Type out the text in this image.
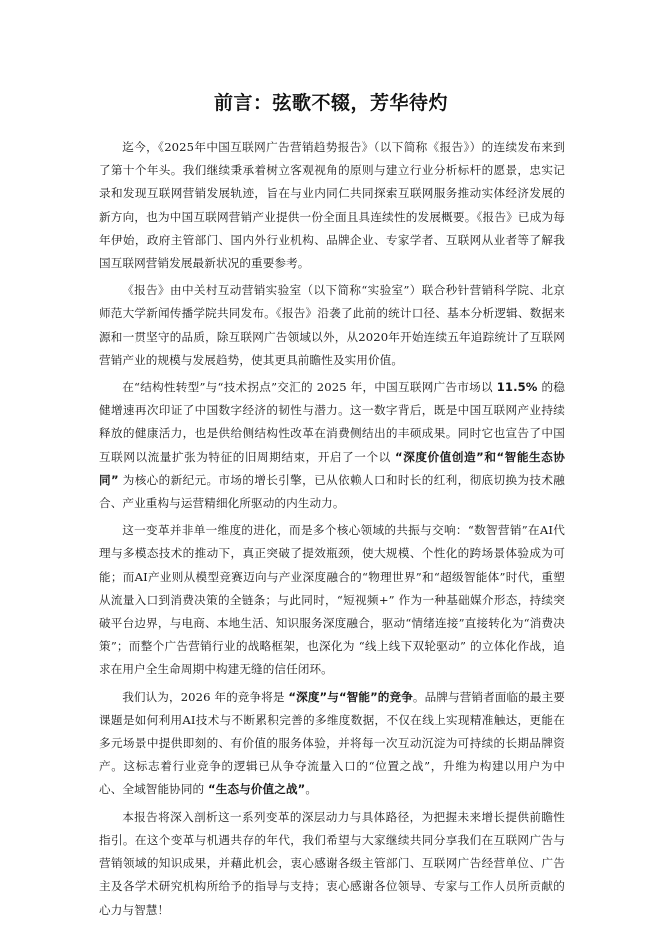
前言：弦歌不辍，芳华待灼

迄今，《2025年中国互联网广告营销趋势报告》（以下简称《报告》）的连续发布来到了第十个年头。我们继续秉承着树立客观视角的原则与建立行业分析标杆的愿景，忠实记录和发现互联网营销发展轨迹，旨在与业内同仁共同探索互联网服务推动实体经济发展的新方向，也为中国互联网营销产业提供一份全面且具连续性的发展概要。《报告》已成为每年伊始，政府主管部门、国内外行业机构、品牌企业、专家学者、互联网从业者等了解我国互联网营销发展最新状况的重要参考。

《报告》由中关村互动营销实验室（以下简称“实验室”）联合秒针营销科学院、北京师范大学新闻传播学院共同发布。《报告》沿袭了此前的统计口径、基本分析逻辑、数据来源和一贯坚守的品质，除互联网广告领域以外，从2020年开始连续五年追踪统计了互联网营销产业的规模与发展趋势，使其更具前瞻性及实用价值。

在“结构性转型”与“技术拐点”交汇的 2025 年，中国互联网广告市场以 11.5% 的稳健增速再次印证了中国数字经济的韧性与潜力。这一数字背后，既是中国互联网产业持续释放的健康活力，也是供给侧结构性改革在消费侧结出的丰硕成果。同时它也宣告了中国互联网以流量扩张为特征的旧周期结束，开启了一个以 “深度价值创造”和“智能生态协同” 为核心的新纪元。市场的增长引擎，已从依赖人口和时长的红利，彻底切换为技术融合、产业重构与运营精细化所驱动的内生动力。

这一变革并非单一维度的进化，而是多个核心领域的共振与交响：“数智营销”在AI代理与多模态技术的推动下，真正突破了提效瓶颈，使大规模、个性化的跨场景体验成为可能；而AI产业则从模型竞赛迈向与产业深度融合的“物理世界”和“超级智能体”时代，重塑从流量入口到消费决策的全链条；与此同时，“短视频+” 作为一种基础媒介形态，持续突破平台边界，与电商、本地生活、知识服务深度融合，驱动“情绪连接”直接转化为“消费决策”；而整个广告营销行业的战略框架，也深化为 “线上线下双轮驱动” 的立体化作战，追求在用户全生命周期中构建无缝的信任闭环。

我们认为，2026 年的竞争将是 “深度”与“智能”的竞争。品牌与营销者面临的最主要课题是如何利用AI技术与不断累积完善的多维度数据，不仅在线上实现精准触达，更能在多元场景中提供即刻的、有价值的服务体验，并将每一次互动沉淀为可持续的长期品牌资产。这标志着行业竞争的逻辑已从争夺流量入口的“位置之战”，升维为构建以用户为中心、全域智能协同的 “生态与价值之战”。

本报告将深入剖析这一系列变革的深层动力与具体路径，为把握未来增长提供前瞻性指引。在这个变革与机遇共存的年代，我们希望与大家继续共同分享我们在互联网广告与营销领域的知识成果，并藉此机会，衷心感谢各级主管部门、互联网广告经营单位、广告主及各学术研究机构所给予的指导与支持；衷心感谢各位领导、专家与工作人员所贡献的心力与智慧！
